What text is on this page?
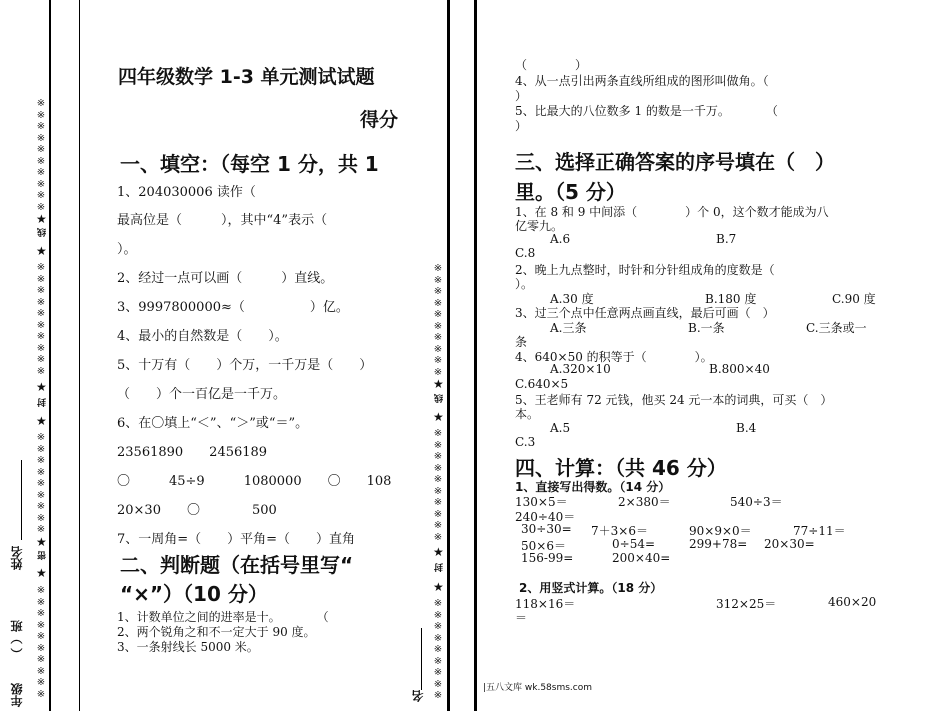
※
※
※
※
※
※
※
※
※
※
★
线
★
※
※
※
※
※
※
※
※
※
※
★
封
★
※
※
※
※
※
※
※
※
※
★
密
★
※
※
※
※
※
※
※
※
※
※
姓名
（ ）班
年级
四年级数学 1-3 单元测试试题
得分
一、填空：（每空 1 分，共 1
1、204030006 读作（
最高位是（　　　），其中“4”表示（
）。
2、经过一点可以画（　　　）直线。
3、9997800000≈（　　　　　）亿。
4、最小的自然数是（　　）。
5、十万有（　　）个万，一千万是（　　）
（　　）个一百亿是一千万。
6、在〇填上“＜”、“＞”或“＝”。
23561890　　2456189
〇　　　45÷9　　　1080000　　〇　　108
20×30　　〇　　　　500
7、一周角=（　　）平角=（　　）直角
二、判断题（在括号里写“
“×”）（10 分）
1、计数单位之间的进率是十。　　　　（
2、两个锐角之和不一定大于 90 度。
3、一条射线长 5000 米。
※
※
※
※
※
※
※
※
※
※
★
线
★
※
※
※
※
※
※
※
※
※
※
★
封
★
※
※
※
※
※
※
※
※
※
名
（　　　　）
4、从一点引出两条直线所组成的图形叫做角。（
）
5、比最大的八位数多 1 的数是一千万。　　　　（
）
三、选择正确答案的序号填在（　）
里。（5 分）
1、在 8 和 9 中间添（　　　　）个 0，这个数才能成为八
亿零九。
A.6	B.7
C.8
2、晚上九点整时，时针和分针组成角的度数是（
）。
A.30 度	B.180 度	C.90 度
3、过三个点中任意两点画直线，最后可画（　）
A.三条	B.一条	C.三条或一
条
4、640×50 的积等于（　　　　）。
A.320×10	B.800×40
C.640×5
5、王老师有 72 元钱，他买 24 元一本的词典，可买（　）
本。
A.5	B.4
C.3
四、计算：（共 46 分）
1、直接写出得数。（14 分）
130×5＝	2×380＝	540÷3＝
240÷40＝
30÷30= 7＋3×6＝	90×9×0＝	77÷11＝
50×6＝	0÷54=	299+78= 20×30=
156-99=	200×40=
2、用竖式计算。（18 分）
118×16＝	312×25＝	460×20
＝
|五八文库 wk.58sms.com
